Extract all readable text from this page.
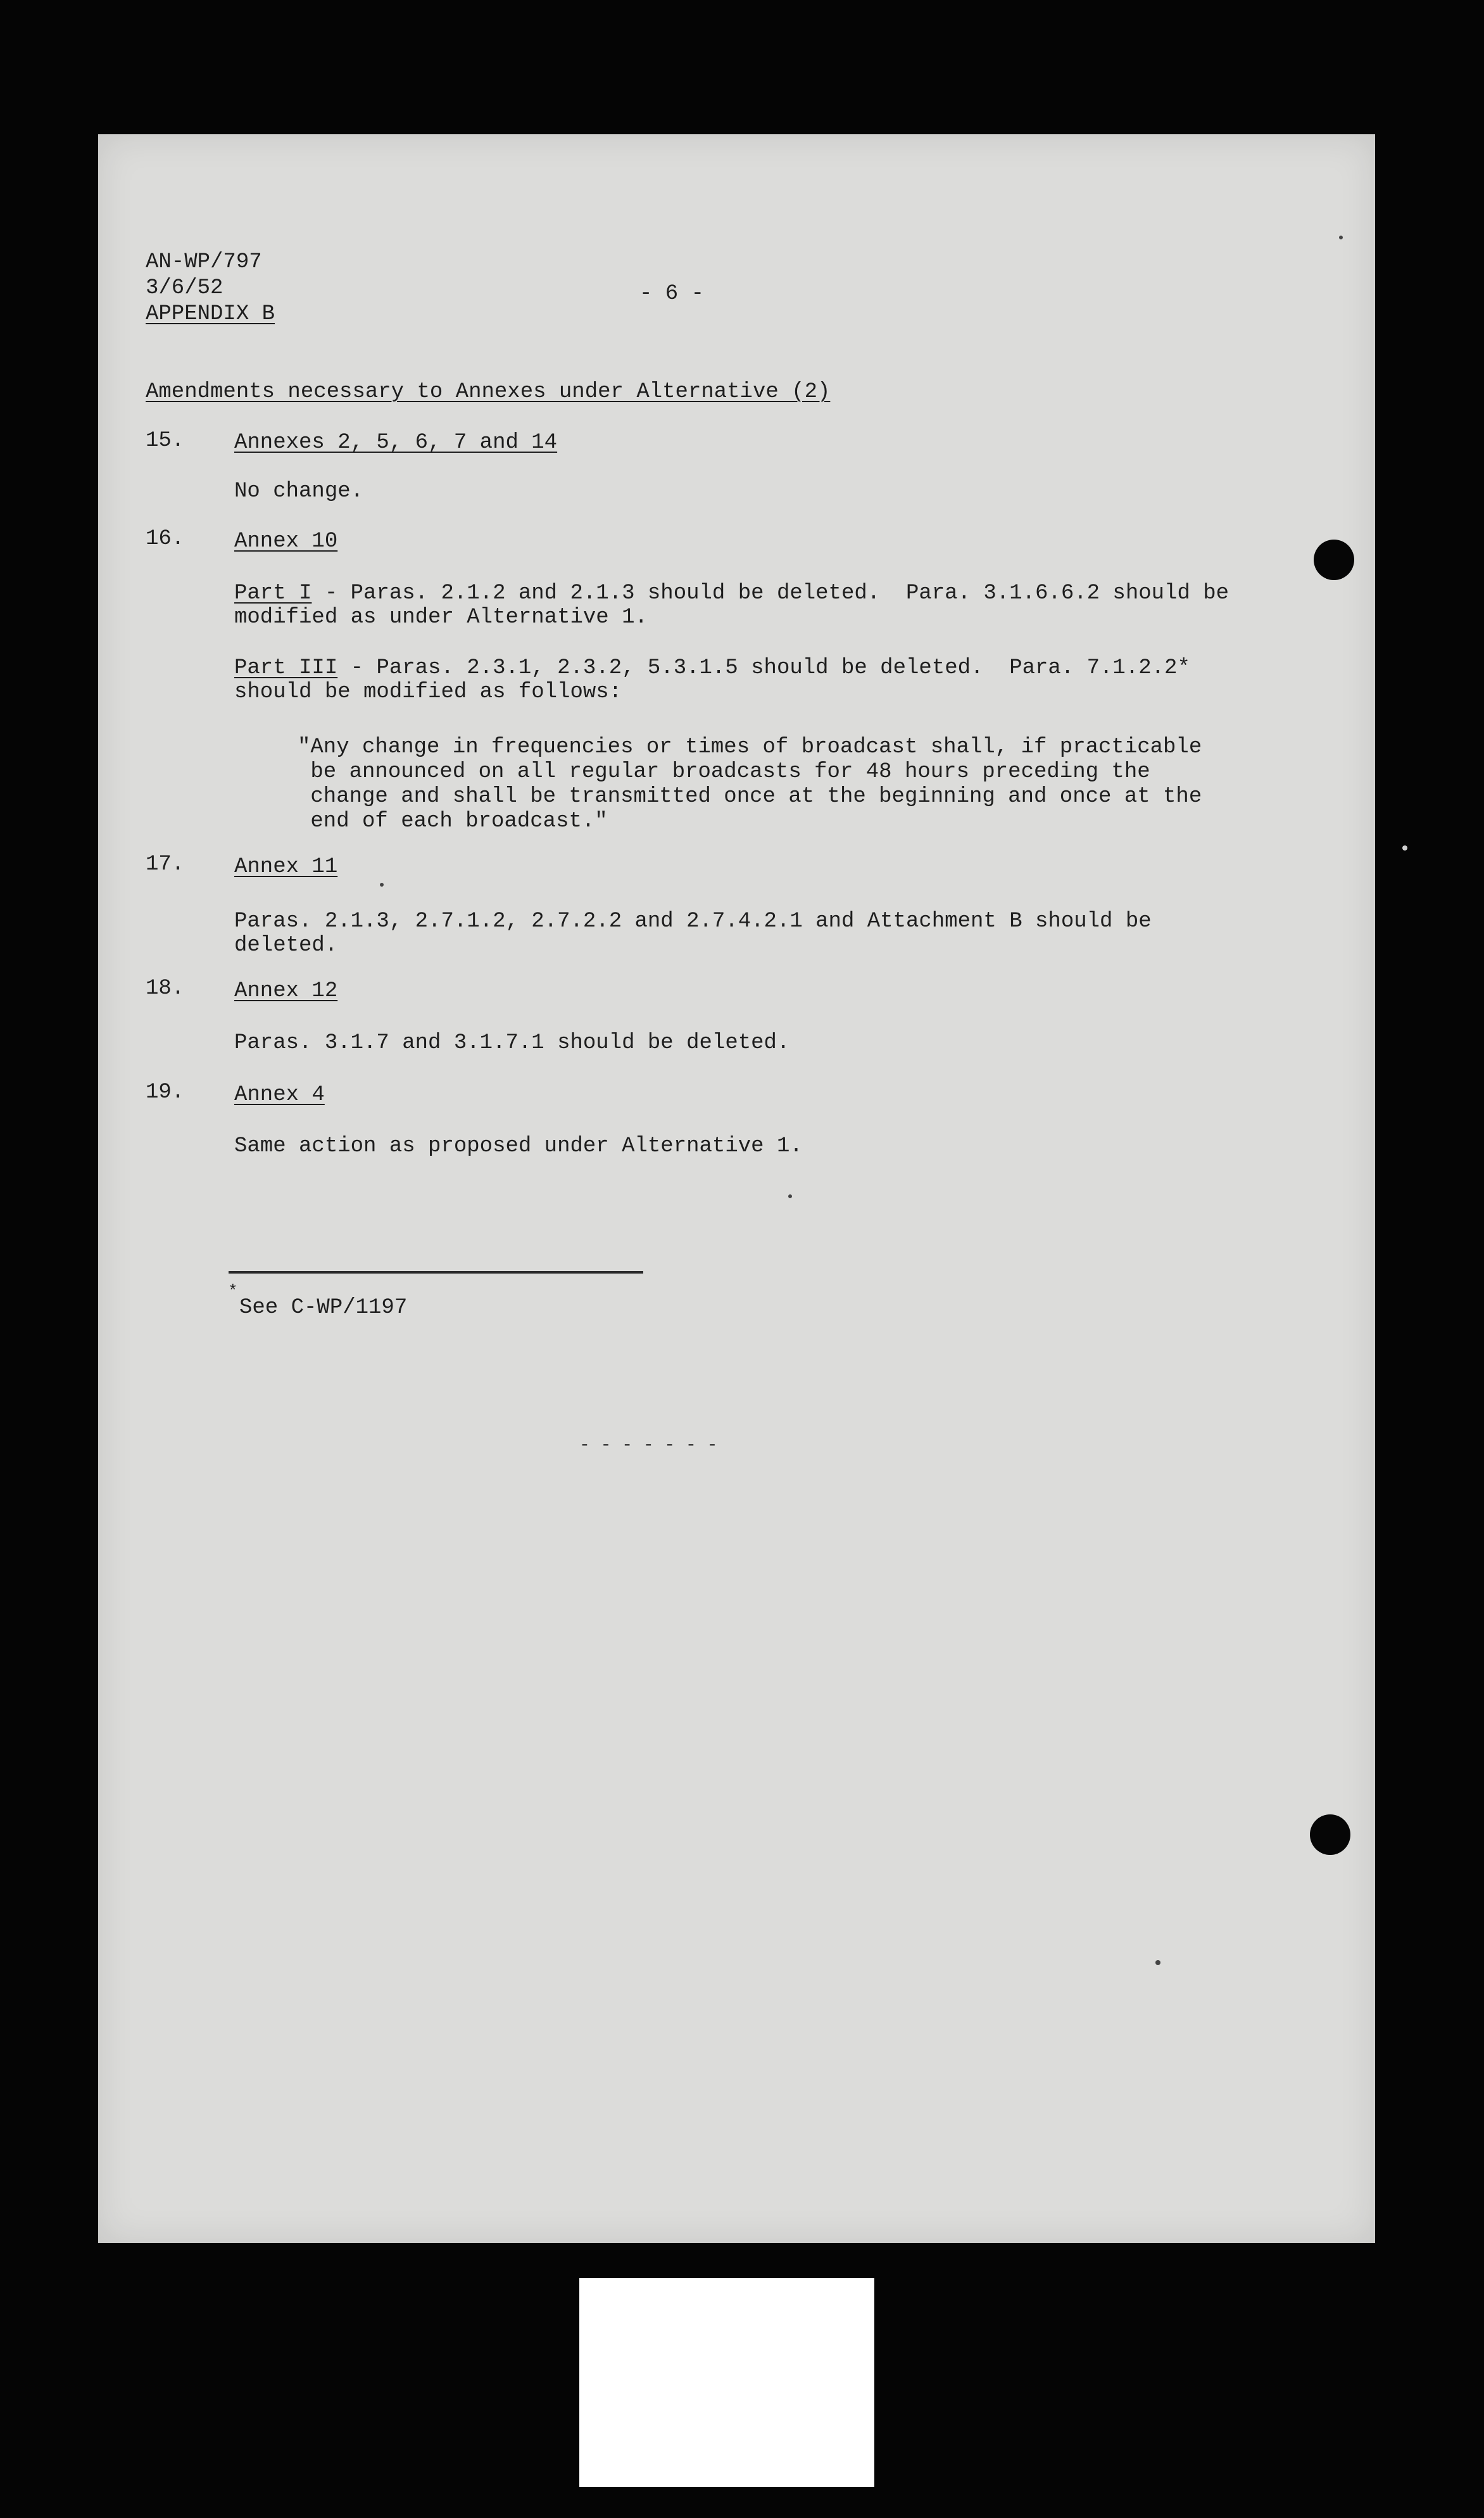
AN-WP/797
3/6/52
APPENDIX B
- 6 -
Amendments necessary to Annexes under Alternative (2)
15. Annexes 2, 5, 6, 7 and 14
No change.
16. Annex 10
Part I - Paras. 2.1.2 and 2.1.3 should be deleted.  Para. 3.1.6.6.2 should be
modified as under Alternative 1.
Part III - Paras. 2.3.1, 2.3.2, 5.3.1.5 should be deleted.  Para. 7.1.2.2*
should be modified as follows:
"Any change in frequencies or times of broadcast shall, if practicable
be announced on all regular broadcasts for 48 hours preceding the
change and shall be transmitted once at the beginning and once at the
end of each broadcast."
17. Annex 11
Paras. 2.1.3, 2.7.1.2, 2.7.2.2 and 2.7.4.2.1 and Attachment B should be
deleted.
18. Annex 12
Paras. 3.1.7 and 3.1.7.1 should be deleted.
19. Annex 4
Same action as proposed under Alternative 1.
*
See C-WP/1197
- - - - - - -
